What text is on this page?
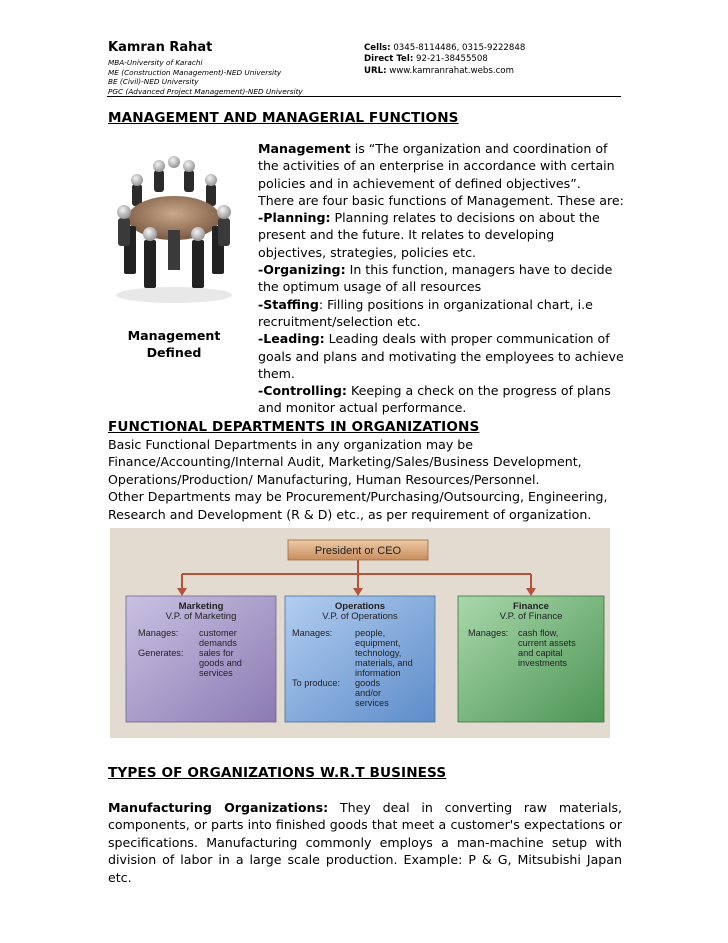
Kamran Rahat
MBA-University of Karachi
ME (Construction Management)-NED University
BE (Civil)-NED University
PGC (Advanced Project Management)-NED University
Cells: 0345-8114486, 0315-9222848
Direct Tel: 92-21-38455508
URL: www.kamranrahat.webs.com
MANAGEMENT AND MANAGERIAL FUNCTIONS
Management
Defined

Management is “The organization and coordination of the activities of an enterprise in accordance with certain policies and in achievement of defined objectives”.

There are four basic functions of Management. These are:

-Planning: Planning relates to decisions on about the present and the future. It relates to developing objectives, strategies, policies etc.

-Organizing: In this function, managers have to decide the optimum usage of all resources

-Staffing: Filling positions in organizational chart, i.e recruitment/selection etc.

-Leading: Leading deals with proper communication of goals and plans and motivating the employees to achieve them.

-Controlling: Keeping a check on the progress of plans and monitor actual performance.

FUNCTIONAL DEPARTMENTS IN ORGANIZATIONS

Basic Functional Departments in any organization may be Finance/Accounting/Internal Audit, Marketing/Sales/Business Development, Operations/Production/ Manufacturing, Human Resources/Personnel.

Other Departments may be Procurement/Purchasing/Outsourcing, Engineering, Research and Development (R & D) etc., as per requirement of organization.

President or CEO
Marketing
V.P. of Marketing
Manages: customer
demands
Generates: sales for
goods and
services
Operations
V.P. of Operations
Manages: people,
equipment,
technology,
materials, and
information
To produce: goods
and/or
services
Finance
V.P. of Finance
Manages: cash flow,
current assets
and capital
investments
TYPES OF ORGANIZATIONS W.R.T BUSINESS

Manufacturing Organizations: They deal in converting raw materials, components, or parts into finished goods that meet a customer's expectations or specifications. Manufacturing commonly employs a man-machine setup with division of labor in a large scale production. Example: P & G, Mitsubishi Japan etc.
